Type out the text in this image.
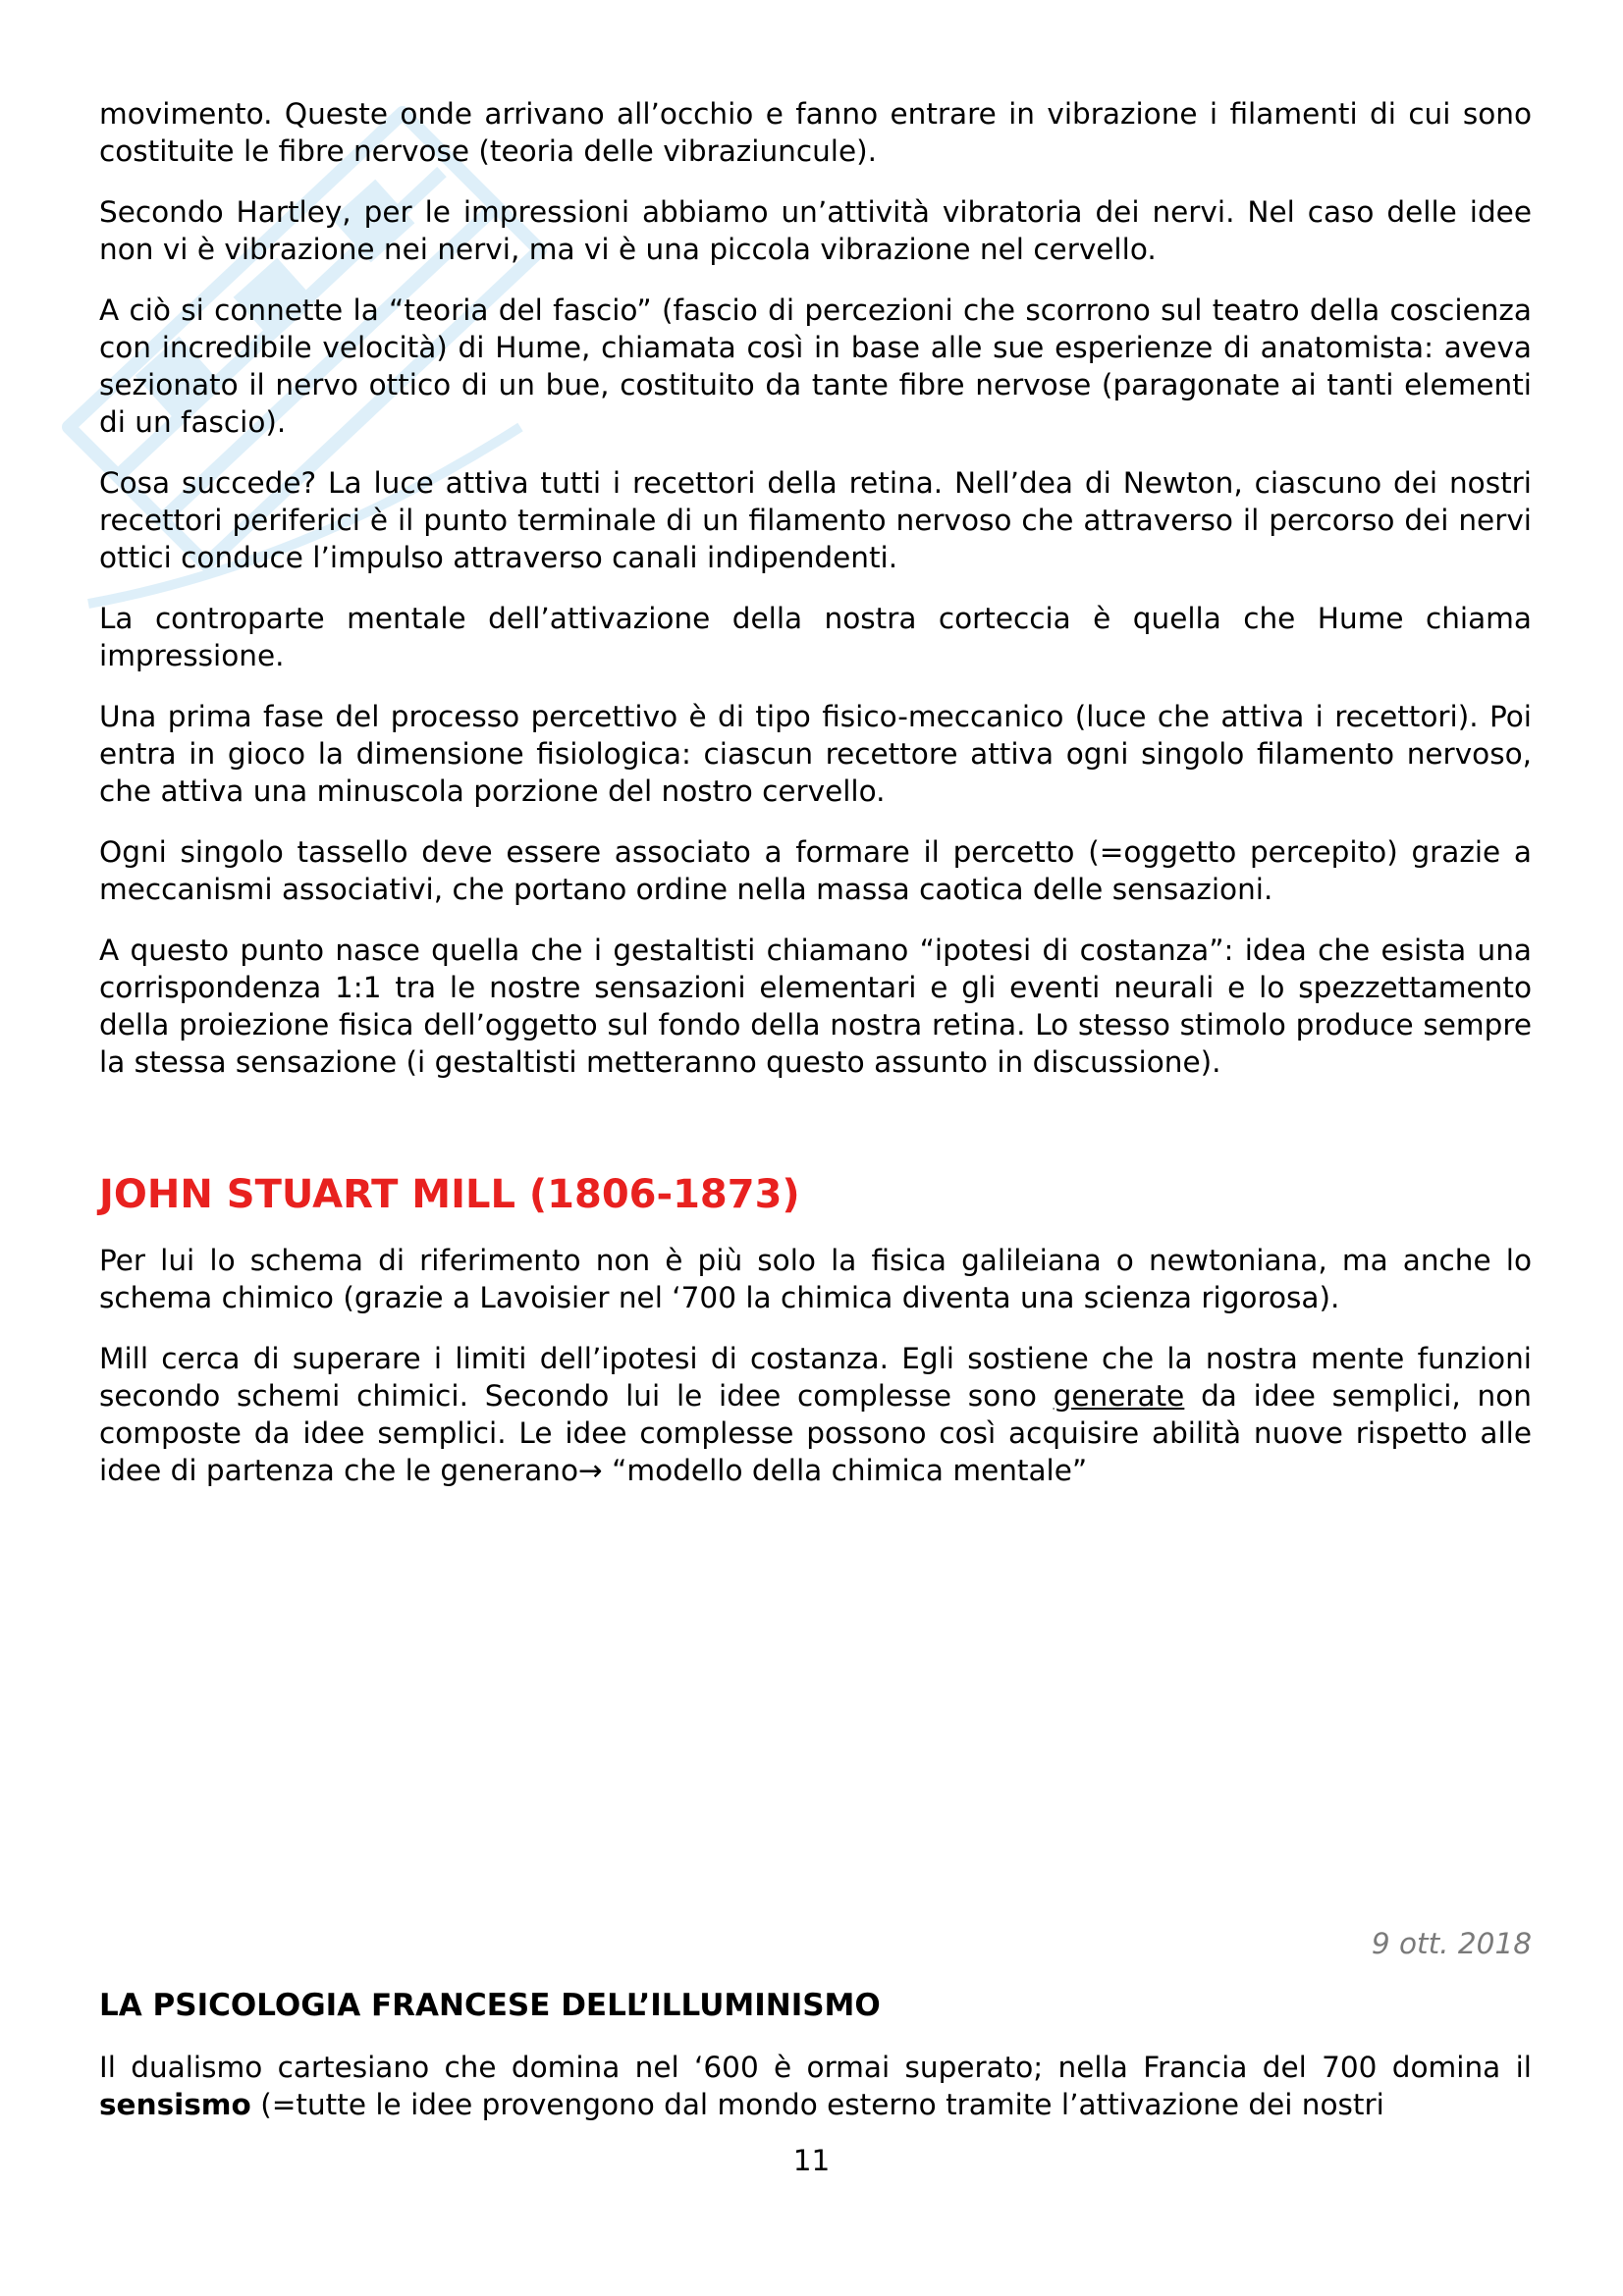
movimento. Queste onde arrivano all’occhio e fanno entrare in vibrazione i filamenti di cui sono costituite le fibre nervose (teoria delle vibraziuncule).

Secondo Hartley, per le impressioni abbiamo un’attività vibratoria dei nervi. Nel caso delle idee non vi è vibrazione nei nervi, ma vi è una piccola vibrazione nel cervello.

A ciò si connette la “teoria del fascio” (fascio di percezioni che scorrono sul teatro della coscienza con incredibile velocità) di Hume, chiamata così in base alle sue esperienze di anatomista: aveva sezionato il nervo ottico di un bue, costituito da tante fibre nervose (paragonate ai tanti elementi di un fascio).

Cosa succede? La luce attiva tutti i recettori della retina. Nell’dea di Newton, ciascuno dei nostri recettori periferici è il punto terminale di un filamento nervoso che attraverso il percorso dei nervi ottici conduce l’impulso attraverso canali indipendenti.

La controparte mentale dell’attivazione della nostra corteccia è quella che Hume chiama impressione.

Una prima fase del processo percettivo è di tipo fisico-meccanico (luce che attiva i recettori). Poi entra in gioco la dimensione fisiologica: ciascun recettore attiva ogni singolo filamento nervoso, che attiva una minuscola porzione del nostro cervello.

Ogni singolo tassello deve essere associato a formare il percetto (=oggetto percepito) grazie a meccanismi associativi, che portano ordine nella massa caotica delle sensazioni.

A questo punto nasce quella che i gestaltisti chiamano “ipotesi di costanza”: idea che esista una corrispondenza 1:1 tra le nostre sensazioni elementari e gli eventi neurali e lo spezzettamento della proiezione fisica dell’oggetto sul fondo della nostra retina. Lo stesso stimolo produce sempre la stessa sensazione (i gestaltisti metteranno questo assunto in discussione).

JOHN STUART MILL (1806-1873)

Per lui lo schema di riferimento non è più solo la fisica galileiana o newtoniana, ma anche lo schema chimico (grazie a Lavoisier nel ‘700 la chimica diventa una scienza rigorosa).

Mill cerca di superare i limiti dell’ipotesi di costanza. Egli sostiene che la nostra mente funzioni secondo schemi chimici. Secondo lui le idee complesse sono generate da idee semplici, non composte da idee semplici. Le idee complesse possono così acquisire abilità nuove rispetto alle idee di partenza che le generano→ “modello della chimica mentale”

9 ott. 2018
LA PSICOLOGIA FRANCESE DELL’ILLUMINISMO

Il dualismo cartesiano che domina nel ‘600 è ormai superato; nella Francia del 700 domina il sensismo (=tutte le idee provengono dal mondo esterno tramite l’attivazione dei nostri

11
